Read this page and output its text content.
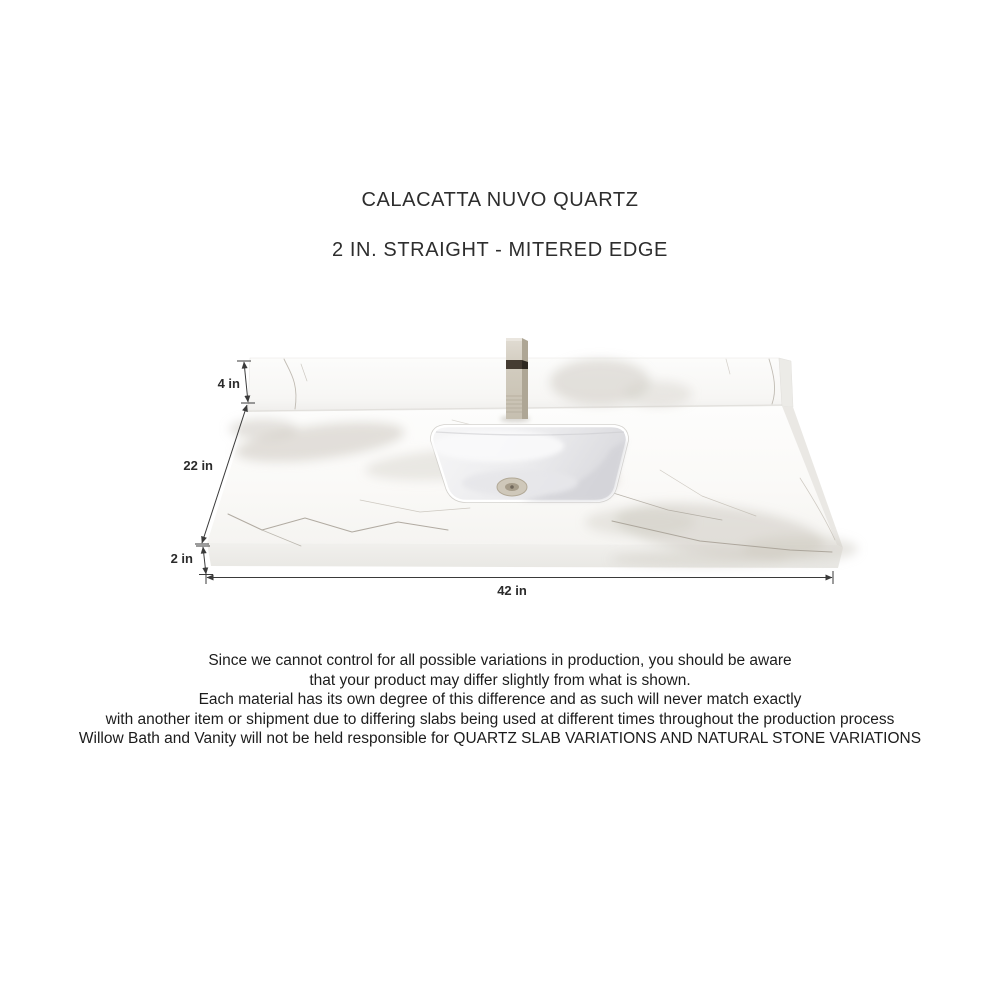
CALACATTA NUVO QUARTZ
2 IN. STRAIGHT - MITERED EDGE
4 in
22 in
2 in
42 in
Since we cannot control for all possible variations in production, you should be aware
that your product may differ slightly from what is shown.
Each material has its own degree of this difference and as such will never match exactly
with another item or shipment due to differing slabs being used at different times throughout the production process
Willow Bath and Vanity will not be held responsible for QUARTZ SLAB VARIATIONS AND NATURAL STONE VARIATIONS
